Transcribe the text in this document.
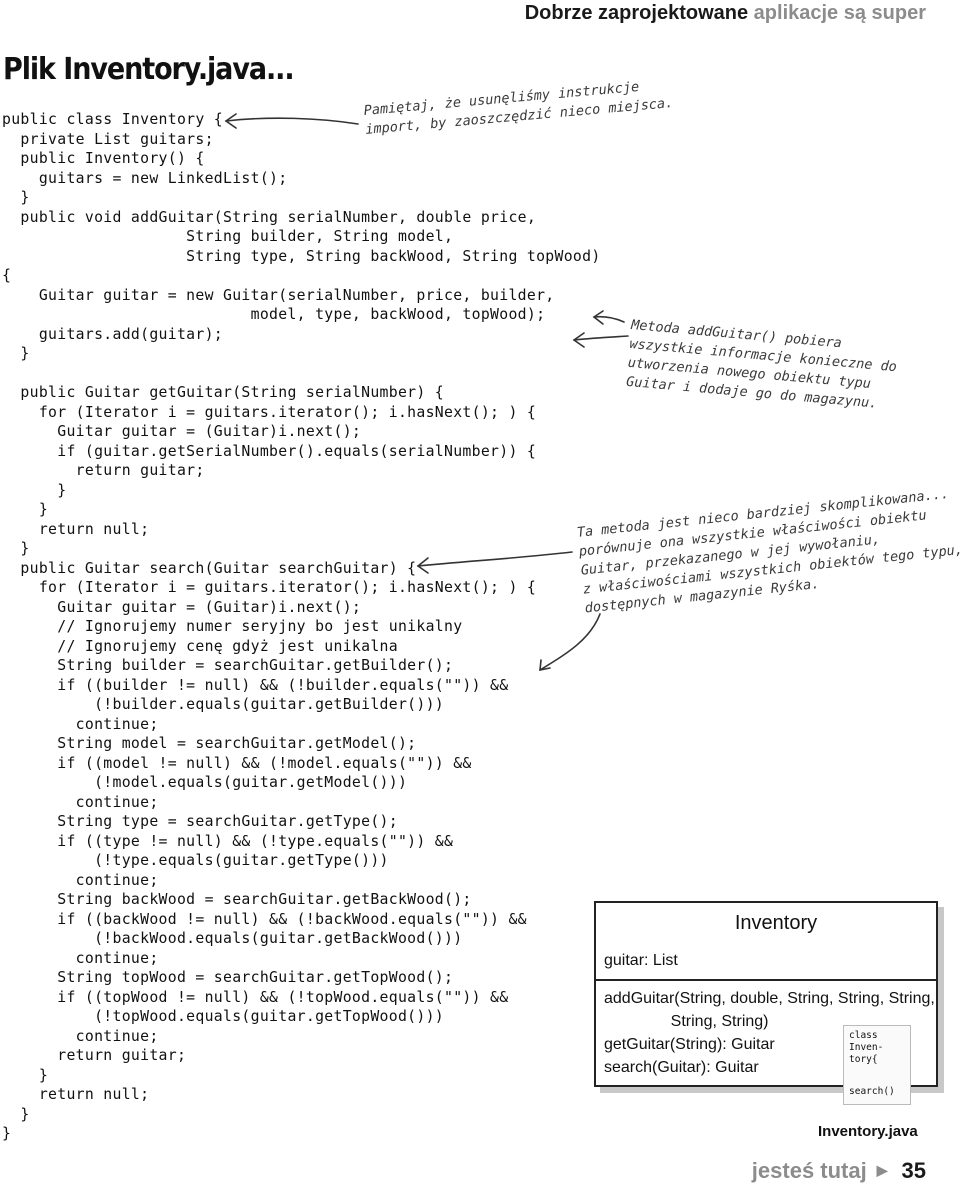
Dobrze zaprojektowane aplikacje są super
Plik Inventory.java...
public class Inventory {
private List guitars;
public Inventory() {
guitars = new LinkedList();
}
public void addGuitar(String serialNumber, double price,
String builder, String model,
String type, String backWood, String topWood)
{
Guitar guitar = new Guitar(serialNumber, price, builder,
model, type, backWood, topWood);
guitars.add(guitar);
}

public Guitar getGuitar(String serialNumber) {
for (Iterator i = guitars.iterator(); i.hasNext(); ) {
Guitar guitar = (Guitar)i.next();
if (guitar.getSerialNumber().equals(serialNumber)) {
return guitar;
}
}
return null;
}
public Guitar search(Guitar searchGuitar) {
for (Iterator i = guitars.iterator(); i.hasNext(); ) {
Guitar guitar = (Guitar)i.next();
// Ignorujemy numer seryjny bo jest unikalny
// Ignorujemy cenę gdyż jest unikalna
String builder = searchGuitar.getBuilder();
if ((builder != null) && (!builder.equals("")) &&
(!builder.equals(guitar.getBuilder()))
continue;
String model = searchGuitar.getModel();
if ((model != null) && (!model.equals("")) &&
(!model.equals(guitar.getModel()))
continue;
String type = searchGuitar.getType();
if ((type != null) && (!type.equals("")) &&
(!type.equals(guitar.getType()))
continue;
String backWood = searchGuitar.getBackWood();
if ((backWood != null) && (!backWood.equals("")) &&
(!backWood.equals(guitar.getBackWood()))
continue;
String topWood = searchGuitar.getTopWood();
if ((topWood != null) && (!topWood.equals("")) &&
(!topWood.equals(guitar.getTopWood()))
continue;
return guitar;
}
return null;
}
}
Pamiętaj, że usunęliśmy instrukcje
import, by zaoszczędzić nieco miejsca.
Metoda addGuitar() pobiera
wszystkie informacje konieczne do
utworzenia nowego obiektu typu
Guitar i dodaje go do magazynu.
Ta metoda jest nieco bardziej skomplikowana...
porównuje ona wszystkie właściwości obiektu
Guitar, przekazanego w jej wywołaniu,
z właściwościami wszystkich obiektów tego typu,
dostępnych w magazynie Ryśka.
Inventory
guitar: List
addGuitar(String, double, String, String, String,
String, String)
getGuitar(String): Guitar
search(Guitar): Guitar
class
Inven-
tory{
search()
Inventory.java
jesteś tutaj ▶ 35
